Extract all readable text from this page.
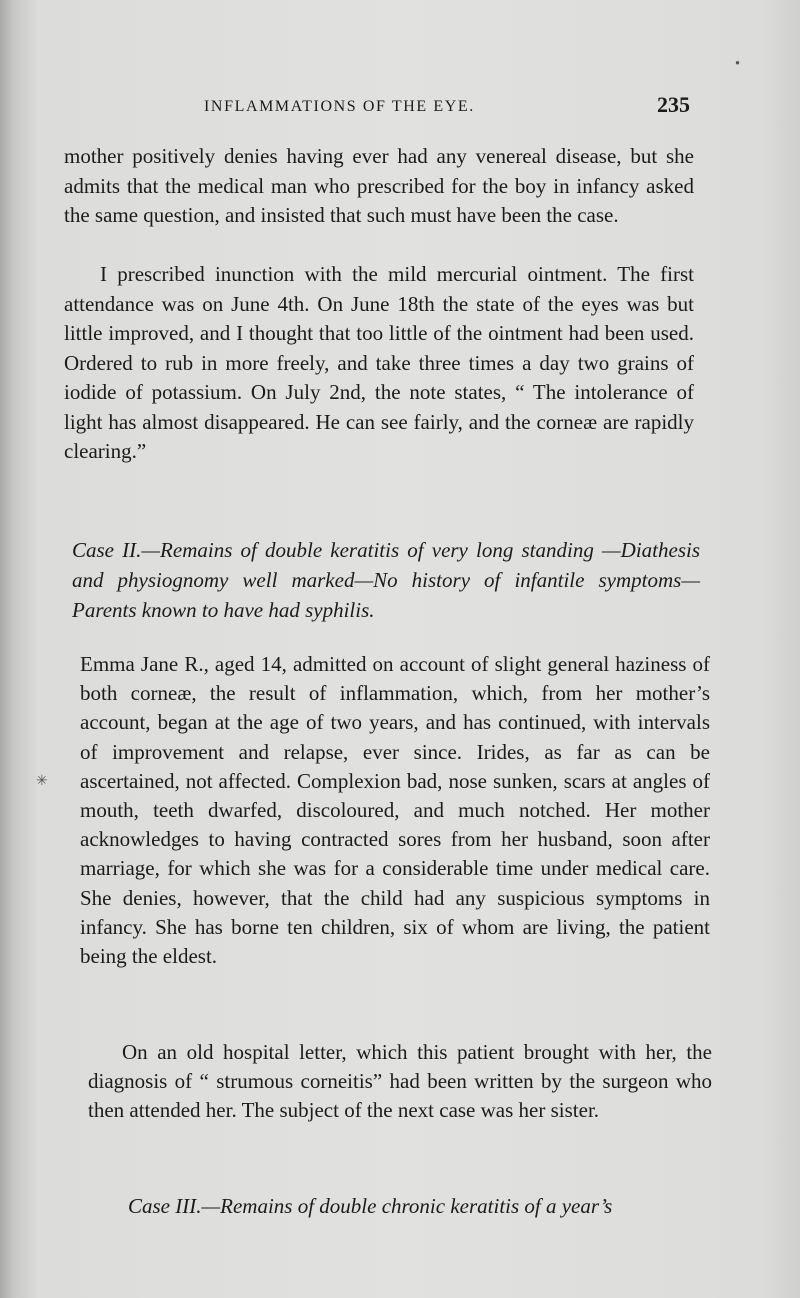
INFLAMMATIONS OF THE EYE.	235

mother positively denies having ever had any venereal disease, but she admits that the medical man who prescribed for the boy in infancy asked the same question, and insisted that such must have been the case.

I prescribed inunction with the mild mercurial ointment. The first attendance was on June 4th. On June 18th the state of the eyes was but little improved, and I thought that too little of the ointment had been used. Ordered to rub in more freely, and take three times a day two grains of iodide of potassium. On July 2nd, the note states, “ The intolerance of light has almost disappeared. He can see fairly, and the corneæ are rapidly clearing.”

Case II.—Remains of double keratitis of very long standing —Diathesis and physiognomy well marked—No history of infantile symptoms—Parents known to have had syphilis.

Emma Jane R., aged 14, admitted on account of slight general haziness of both corneæ, the result of inflammation, which, from her mother’s account, began at the age of two years, and has continued, with intervals of improvement and relapse, ever since. Irides, as far as can be ascertained, not affected. Complexion bad, nose sunken, scars at angles of mouth, teeth dwarfed, discoloured, and much notched. Her mother acknowledges to having contracted sores from her husband, soon after marriage, for which she was for a considerable time under medical care. She denies, however, that the child had any suspicious symptoms in infancy. She has borne ten children, six of whom are living, the patient being the eldest.

On an old hospital letter, which this patient brought with her, the diagnosis of “ strumous corneitis” had been written by the surgeon who then attended her. The subject of the next case was her sister.

Case III.—Remains of double chronic keratitis of a year’s

✳
●
